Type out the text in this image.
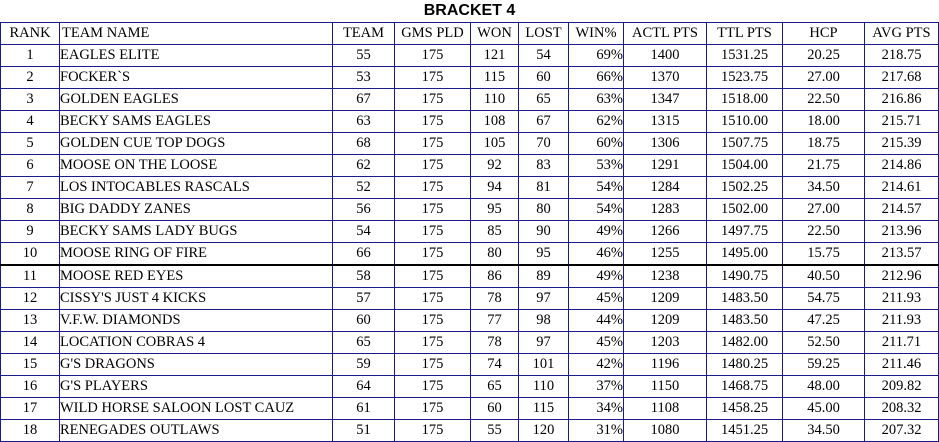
BRACKET 4
RANK	TEAM NAME	TEAM	GMS PLD	WON	LOST	WIN%	ACTL PTS	TTL PTS	HCP	AVG PTS
1	EAGLES ELITE	55	175	121	54	69%	1400	1531.25	20.25	218.75
2	FOCKER`S	53	175	115	60	66%	1370	1523.75	27.00	217.68
3	GOLDEN EAGLES	67	175	110	65	63%	1347	1518.00	22.50	216.86
4	BECKY SAMS EAGLES	63	175	108	67	62%	1315	1510.00	18.00	215.71
5	GOLDEN CUE TOP DOGS	68	175	105	70	60%	1306	1507.75	18.75	215.39
6	MOOSE ON THE LOOSE	62	175	92	83	53%	1291	1504.00	21.75	214.86
7	LOS INTOCABLES RASCALS	52	175	94	81	54%	1284	1502.25	34.50	214.61
8	BIG DADDY ZANES	56	175	95	80	54%	1283	1502.00	27.00	214.57
9	BECKY SAMS LADY BUGS	54	175	85	90	49%	1266	1497.75	22.50	213.96
10	MOOSE RING OF FIRE	66	175	80	95	46%	1255	1495.00	15.75	213.57
11	MOOSE RED EYES	58	175	86	89	49%	1238	1490.75	40.50	212.96
12	CISSY'S JUST 4 KICKS	57	175	78	97	45%	1209	1483.50	54.75	211.93
13	V.F.W. DIAMONDS	60	175	77	98	44%	1209	1483.50	47.25	211.93
14	LOCATION COBRAS 4	65	175	78	97	45%	1203	1482.00	52.50	211.71
15	G'S DRAGONS	59	175	74	101	42%	1196	1480.25	59.25	211.46
16	G'S PLAYERS	64	175	65	110	37%	1150	1468.75	48.00	209.82
17	WILD HORSE SALOON LOST CAUZ	61	175	60	115	34%	1108	1458.25	45.00	208.32
18	RENEGADES OUTLAWS	51	175	55	120	31%	1080	1451.25	34.50	207.32
